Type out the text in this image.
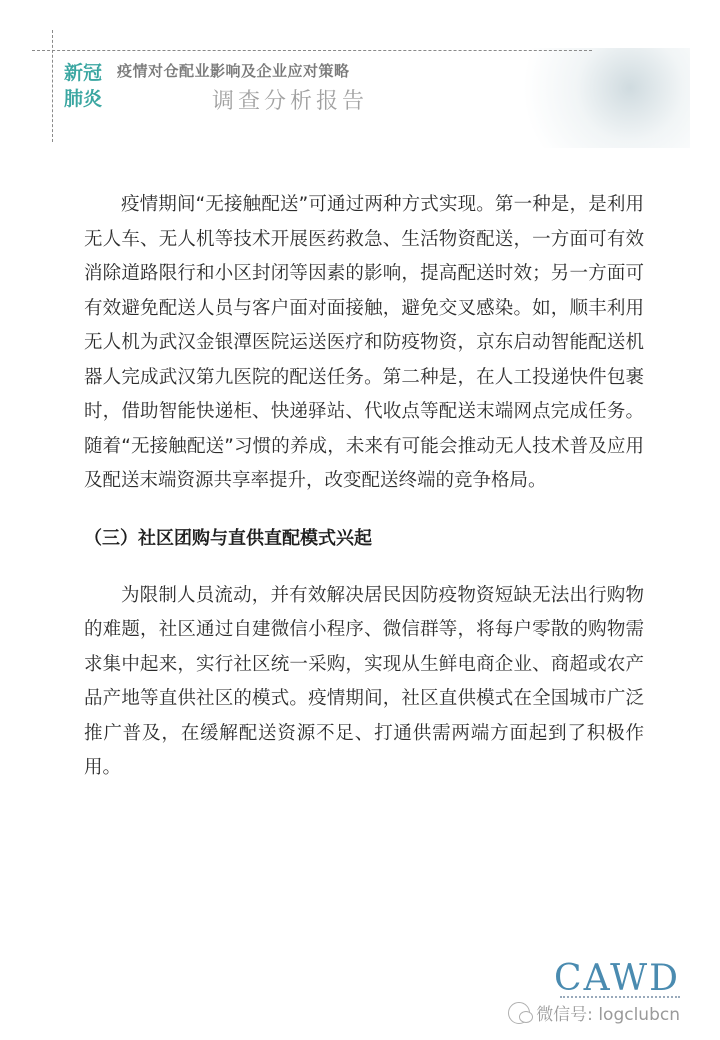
新冠
肺炎
疫情对仓配业影响及企业应对策略
调查分析报告

疫情期间“无接触配送”可通过两种方式实现。第一种是，是利用无人车、无人机等技术开展医药救急、生活物资配送，一方面可有效消除道路限行和小区封闭等因素的影响，提高配送时效；另一方面可有效避免配送人员与客户面对面接触，避免交叉感染。如，顺丰利用无人机为武汉金银潭医院运送医疗和防疫物资，京东启动智能配送机器人完成武汉第九医院的配送任务。第二种是，在人工投递快件包裹时，借助智能快递柜、快递驿站、代收点等配送末端网点完成任务。随着“无接触配送”习惯的养成，未来有可能会推动无人技术普及应用及配送末端资源共享率提升，改变配送终端的竞争格局。

（三）社区团购与直供直配模式兴起

为限制人员流动，并有效解决居民因防疫物资短缺无法出行购物的难题，社区通过自建微信小程序、微信群等，将每户零散的购物需求集中起来，实行社区统一采购，实现从生鲜电商企业、商超或农产品产地等直供社区的模式。疫情期间，社区直供模式在全国城市广泛推广普及，在缓解配送资源不足、打通供需两端方面起到了积极作用。

CAWD
微信号: logclubcn
